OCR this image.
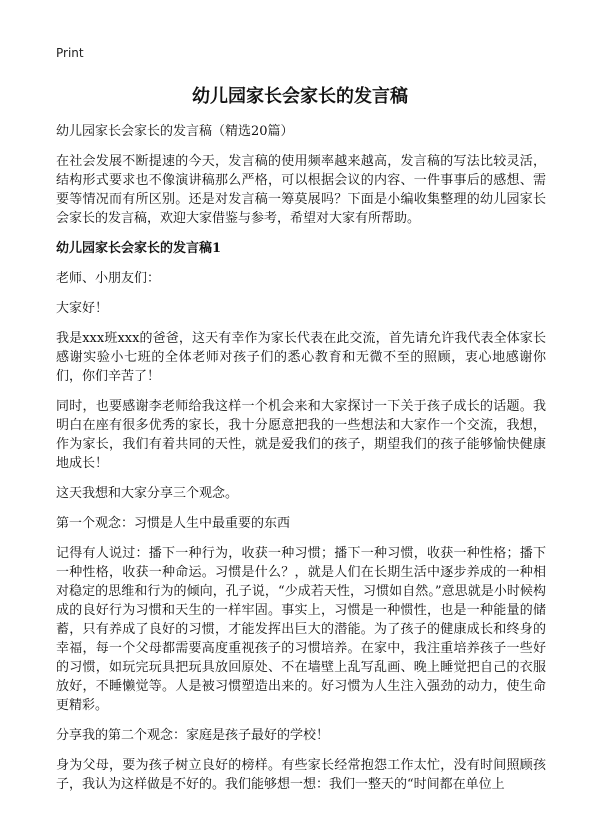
Print
幼儿园家长会家长的发言稿

幼儿园家长会家长的发言稿（精选20篇）

在社会发展不断提速的今天，发言稿的使用频率越来越高，发言稿的写法比较灵活，结构形式要求也不像演讲稿那么严格，可以根据会议的内容、一件事事后的感想、需要等情况而有所区别。还是对发言稿一筹莫展吗？下面是小编收集整理的幼儿园家长会家长的发言稿，欢迎大家借鉴与参考，希望对大家有所帮助。

幼儿园家长会家长的发言稿1

老师、小朋友们：

大家好！

我是xxx班xxx的爸爸，这天有幸作为家长代表在此交流，首先请允许我代表全体家长感谢实验小七班的全体老师对孩子们的悉心教育和无微不至的照顾，衷心地感谢你们，你们辛苦了！

同时，也要感谢李老师给我这样一个机会来和大家探讨一下关于孩子成长的话题。我明白在座有很多优秀的家长，我十分愿意把我的一些想法和大家作一个交流，我想，作为家长，我们有着共同的天性，就是爱我们的孩子，期望我们的孩子能够愉快健康地成长！

这天我想和大家分享三个观念。

第一个观念：习惯是人生中最重要的东西

记得有人说过：播下一种行为，收获一种习惯；播下一种习惯，收获一种性格；播下一种性格，收获一种命运。习惯是什么？，就是人们在长期生活中逐步养成的一种相对稳定的思维和行为的倾向，孔子说，“少成若天性，习惯如自然。”意思就是小时候构成的良好行为习惯和天生的一样牢固。事实上，习惯是一种惯性，也是一种能量的储蓄，只有养成了良好的习惯，才能发挥出巨大的潜能。为了孩子的健康成长和终身的幸福，每一个父母都需要高度重视孩子的习惯培养。在家中，我注重培养孩子一些好的习惯，如玩完玩具把玩具放回原处、不在墙壁上乱写乱画、晚上睡觉把自己的衣服放好，不睡懒觉等。人是被习惯塑造出来的。好习惯为人生注入强劲的动力，使生命更精彩。

分享我的第二个观念：家庭是孩子最好的学校！

身为父母，要为孩子树立良好的榜样。有些家长经常抱怨工作太忙，没有时间照顾孩子，我认为这样做是不好的。我们能够想一想：我们一整天的“时间都在单位上
